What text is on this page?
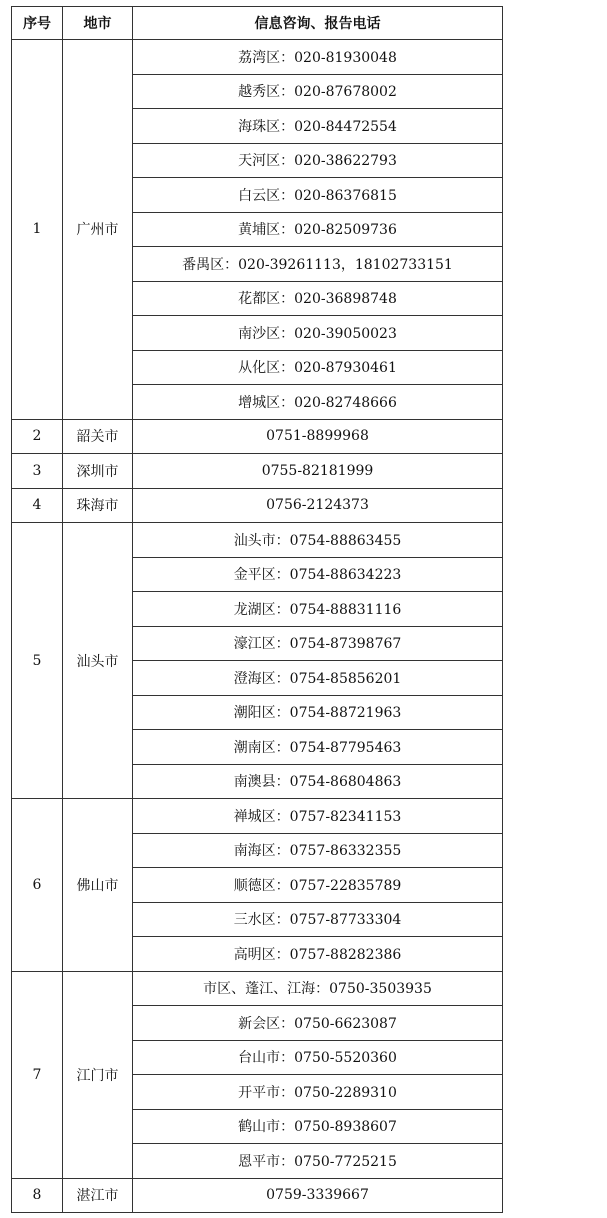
序号	地市	信息咨询、报告电话
1	广州市	荔湾区：020-81930048
		越秀区：020-87678002
		海珠区：020-84472554
		天河区：020-38622793
		白云区：020-86376815
		黄埔区：020-82509736
		番禺区：020-39261113，18102733151
		花都区：020-36898748
		南沙区：020-39050023
		从化区：020-87930461
		增城区：020-82748666
2	韶关市	0751-8899968
3	深圳市	0755-82181999
4	珠海市	0756-2124373
5	汕头市	汕头市：0754-88863455
		金平区：0754-88634223
		龙湖区：0754-88831116
		濠江区：0754-87398767
		澄海区：0754-85856201
		潮阳区：0754-88721963
		潮南区：0754-87795463
		南澳县：0754-86804863
6	佛山市	禅城区：0757-82341153
		南海区：0757-86332355
		顺德区：0757-22835789
		三水区：0757-87733304
		高明区：0757-88282386
7	江门市	市区、蓬江、江海：0750-3503935
		新会区：0750-6623087
		台山市：0750-5520360
		开平市：0750-2289310
		鹤山市：0750-8938607
		恩平市：0750-7725215
8	湛江市	0759-3339667
